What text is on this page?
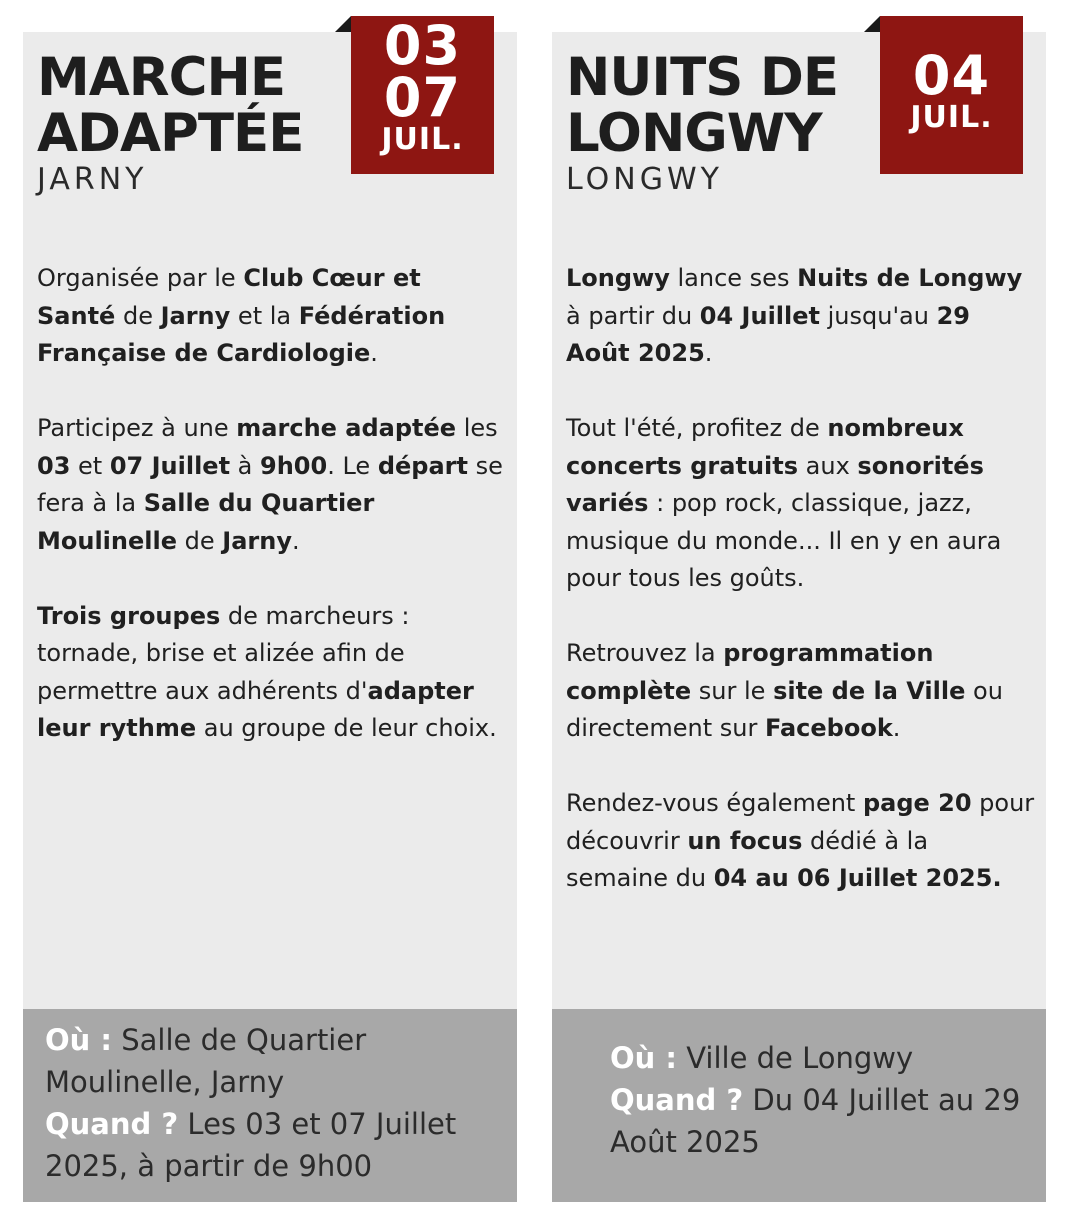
MARCHE
ADAPTÉE

JARNY

03
07
JUIL.

Organisée par le Club Cœur et Santé de Jarny et la Fédération Française de Cardiologie.

Participez à une marche adaptée les 03 et 07 Juillet à 9h00. Le départ se fera à la Salle du Quartier Moulinelle de Jarny.

Trois groupes de marcheurs : tornade, brise et alizée afin de permettre aux adhérents d'adapter leur rythme au groupe de leur choix.

Où : Salle de Quartier Moulinelle, Jarny
Quand ? Les 03 et 07 Juillet 2025, à partir de 9h00
NUITS DE
LONGWY

LONGWY

04
JUIL.

Longwy lance ses Nuits de Longwy à partir du 04 Juillet jusqu'au 29 Août 2025.

Tout l'été, profitez de nombreux concerts gratuits aux sonorités variés : pop rock, classique, jazz, musique du monde... Il en y en aura pour tous les goûts.

Retrouvez la programmation complète sur le site de la Ville ou directement sur Facebook.

Rendez-vous également page 20 pour découvrir un focus dédié à la semaine du 04 au 06 Juillet 2025.

Où : Ville de Longwy
Quand ? Du 04 Juillet au 29 Août 2025
